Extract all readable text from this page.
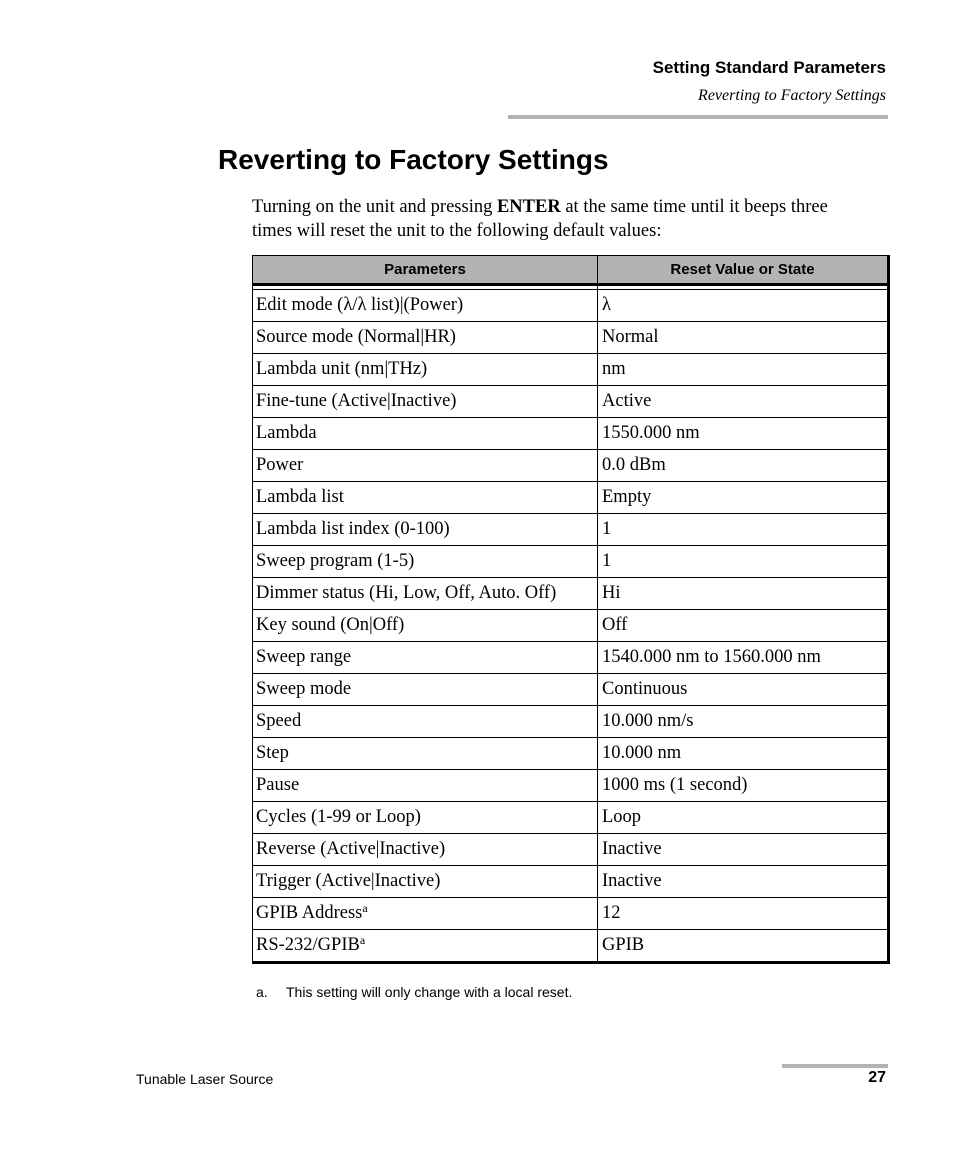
Setting Standard Parameters
Reverting to Factory Settings
Reverting to Factory Settings

Turning on the unit and pressing ENTER at the same time until it beeps three times will reset the unit to the following default values:

Parameters	Reset Value or State

Edit mode (λ/λ list)|(Power)	λ
Source mode (Normal|HR)	Normal
Lambda unit (nm|THz)	nm
Fine-tune (Active|Inactive)	Active
Lambda	1550.000 nm
Power	0.0 dBm
Lambda list	Empty
Lambda list index (0-100)	1
Sweep program (1-5)	1
Dimmer status (Hi, Low, Off, Auto. Off)	Hi
Key sound (On|Off)	Off
Sweep range	1540.000 nm to 1560.000 nm
Sweep mode	Continuous
Speed	10.000 nm/s
Step	10.000 nm
Pause	1000 ms (1 second)
Cycles (1-99 or Loop)	Loop
Reverse (Active|Inactive)	Inactive
Trigger (Active|Inactive)	Inactive
GPIB Address$^a$	12
RS-232/GPIB$^a$	GPIB
a. This setting will only change with a local reset.
Tunable Laser Source	27
